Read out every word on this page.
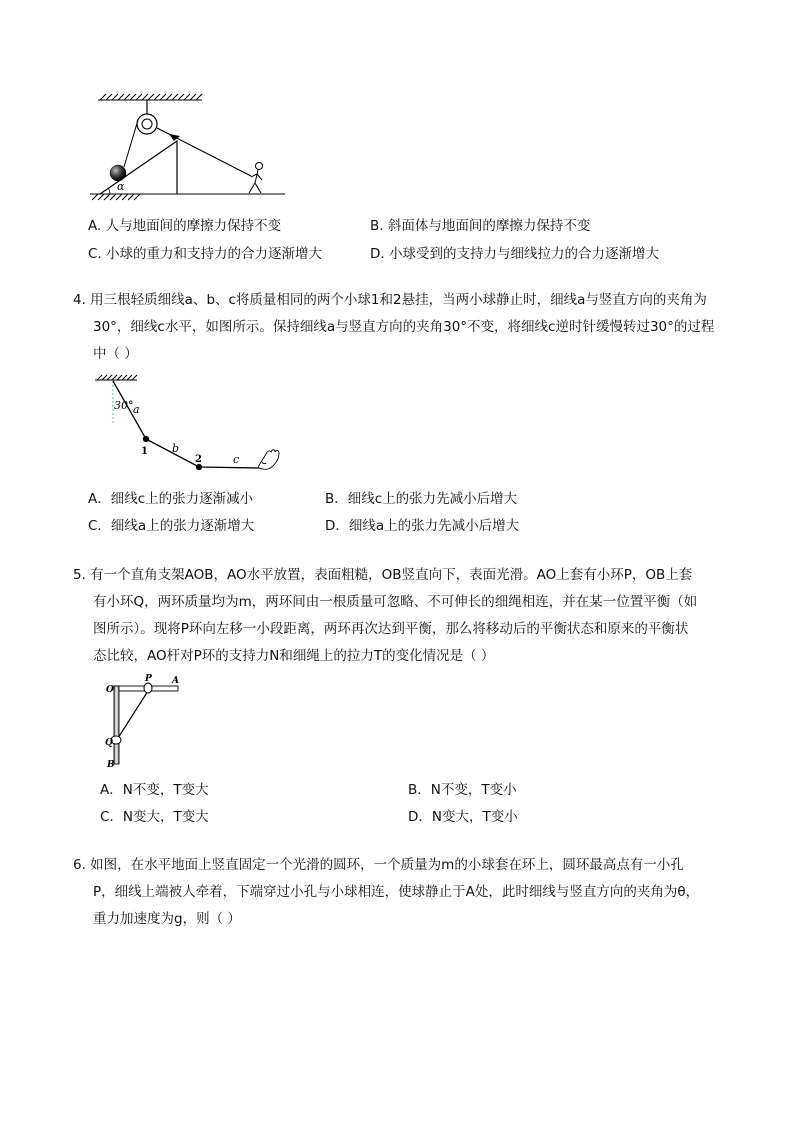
α
A. 人与地面间的摩擦力保持不变	B. 斜面体与地面间的摩擦力保持不变
C. 小球的重力和支持力的合力逐渐增大	D. 小球受到的支持力与细线拉力的合力逐渐增大
4. 用三根轻质细线a、b、c将质量相同的两个小球1和2悬挂，当两小球静止时，细线a与竖直方向的夹角为
30°，细线c水平，如图所示。保持细线a与竖直方向的夹角30°不变，将细线c逆时针缓慢转过30°的过程
中（ ）
30° a
b
c
1
2
A．细线c上的张力逐渐减小	B．细线c上的张力先减小后增大
C．细线a上的张力逐渐增大	D．细线a上的张力先减小后增大
5. 有一个直角支架AOB，AO水平放置，表面粗糙，OB竖直向下，表面光滑。AO上套有小环P，OB上套
有小环Q，两环质量均为m，两环间由一根质量可忽略、不可伸长的细绳相连，并在某一位置平衡（如
图所示）。现将P环向左移一小段距离，两环再次达到平衡，那么将移动后的平衡状态和原来的平衡状
态比较，AO杆对P环的支持力N和细绳上的拉力T的变化情况是（ ）
O
P A
Q
B
A．N不变，T变大	B．N不变，T变小
C．N变大，T变大	D．N变大，T变小
6. 如图，在水平地面上竖直固定一个光滑的圆环，一个质量为m的小球套在环上，圆环最高点有一小孔
P，细线上端被人牵着，下端穿过小孔与小球相连，使球静止于A处，此时细线与竖直方向的夹角为θ，
重力加速度为g，则（ ）
